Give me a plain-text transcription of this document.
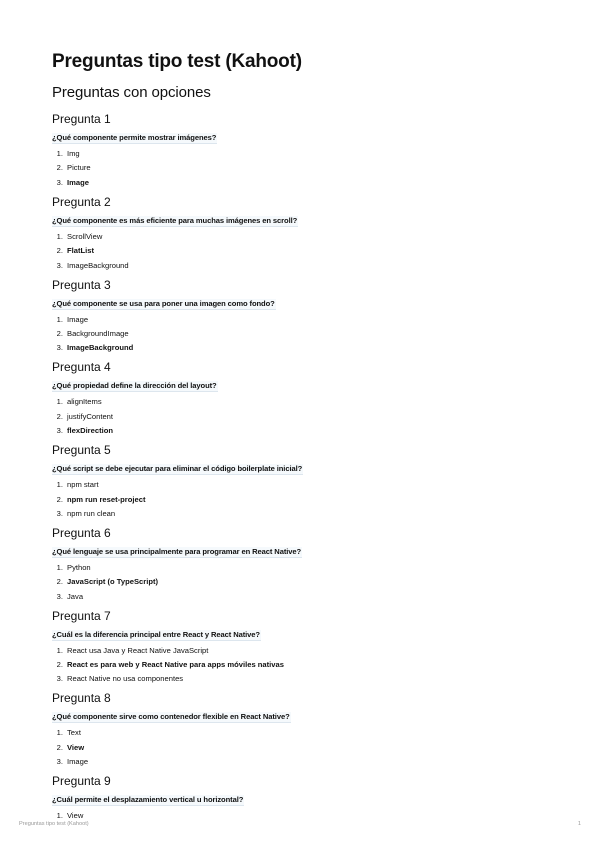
Preguntas tipo test (Kahoot)
Preguntas con opciones
Pregunta 1
¿Qué componente permite mostrar imágenes?
1. Img
2. Picture
3. Image
Pregunta 2
¿Qué componente es más eficiente para muchas imágenes en scroll?
1. ScrollView
2. FlatList
3. ImageBackground
Pregunta 3
¿Qué componente se usa para poner una imagen como fondo?
1. Image
2. BackgroundImage
3. ImageBackground
Pregunta 4
¿Qué propiedad define la dirección del layout?
1. alignItems
2. justifyContent
3. flexDirection
Pregunta 5
¿Qué script se debe ejecutar para eliminar el código boilerplate inicial?
1. npm start
2. npm run reset-project
3. npm run clean
Pregunta 6
¿Qué lenguaje se usa principalmente para programar en React Native?
1. Python
2. JavaScript (o TypeScript)
3. Java
Pregunta 7
¿Cuál es la diferencia principal entre React y React Native?
1. React usa Java y React Native JavaScript
2. React es para web y React Native para apps móviles nativas
3. React Native no usa componentes
Pregunta 8
¿Qué componente sirve como contenedor flexible en React Native?
1. Text
2. View
3. Image
Pregunta 9
¿Cuál permite el desplazamiento vertical u horizontal?
1. View
Preguntas tipo test (Kahoot)	1
